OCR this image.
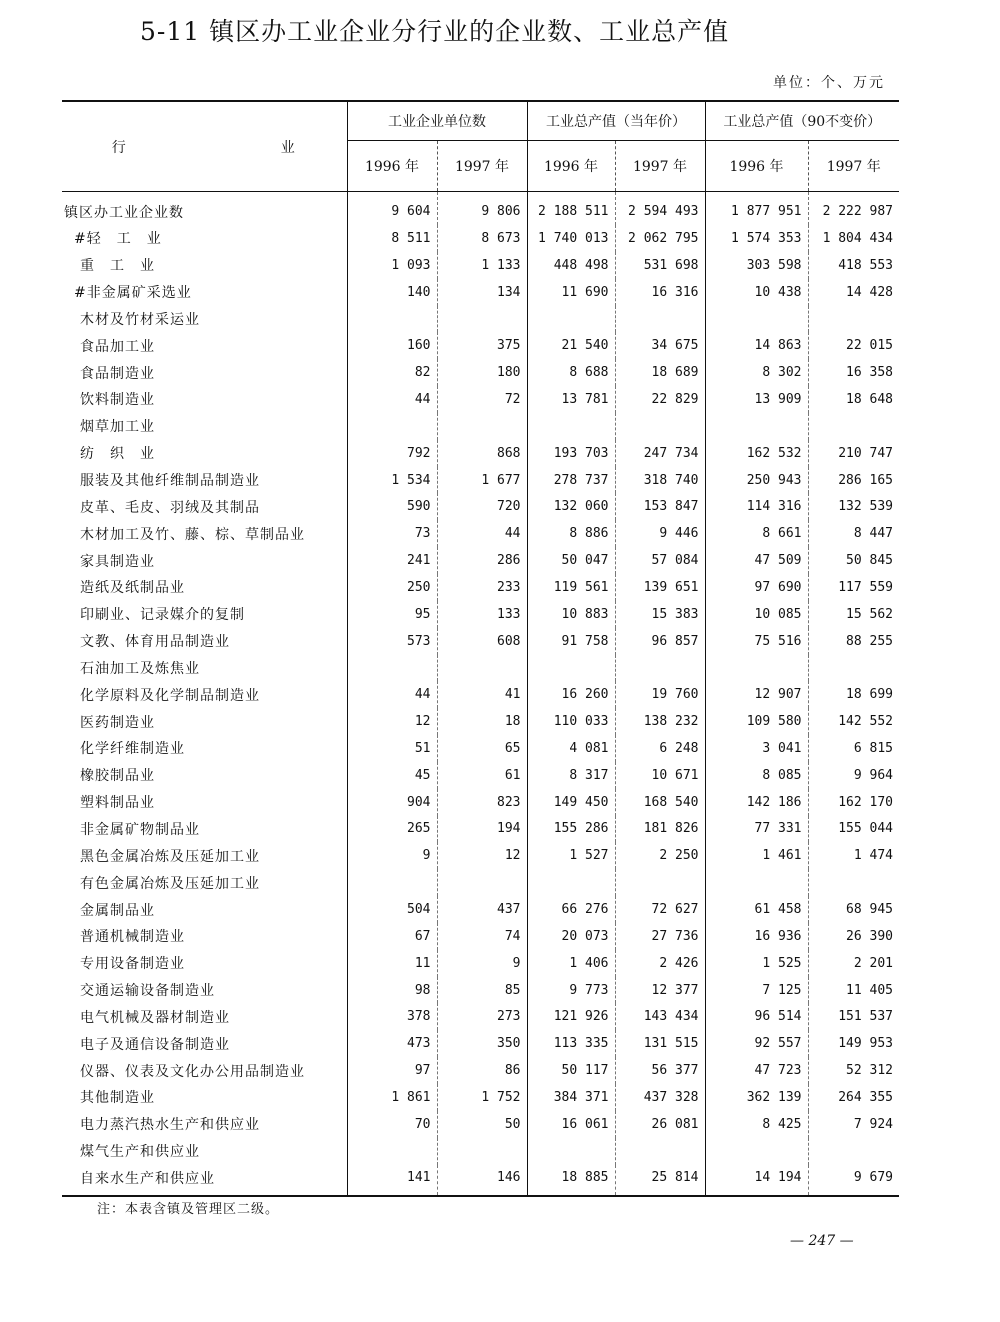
5-11 镇区办工业企业分行业的企业数、工业总产值
单位：个、万元
行 业	工业企业单位数		工业总产值（当年价）		工业总产值（90不变价）	
	1996 年	1997 年	1996 年	1997 年	1996 年	1997 年
镇区办工业企业数	9 604	9 806	2 188 511	2 594 493	1 877 951	2 222 987
#轻　工　业	8 511	8 673	1 740 013	2 062 795	1 574 353	1 804 434
重　工　业	1 093	1 133	448 498	531 698	303 598	418 553
#非金属矿采选业	140	134	11 690	16 316	10 438	14 428
木材及竹材采运业						
食品加工业	160	375	21 540	34 675	14 863	22 015
食品制造业	82	180	8 688	18 689	8 302	16 358
饮料制造业	44	72	13 781	22 829	13 909	18 648
烟草加工业						
纺　织　业	792	868	193 703	247 734	162 532	210 747
服装及其他纤维制品制造业	1 534	1 677	278 737	318 740	250 943	286 165
皮革、毛皮、羽绒及其制品	590	720	132 060	153 847	114 316	132 539
木材加工及竹、藤、棕、草制品业	73	44	8 886	9 446	8 661	8 447
家具制造业	241	286	50 047	57 084	47 509	50 845
造纸及纸制品业	250	233	119 561	139 651	97 690	117 559
印刷业、记录媒介的复制	95	133	10 883	15 383	10 085	15 562
文教、体育用品制造业	573	608	91 758	96 857	75 516	88 255
石油加工及炼焦业						
化学原料及化学制品制造业	44	41	16 260	19 760	12 907	18 699
医药制造业	12	18	110 033	138 232	109 580	142 552
化学纤维制造业	51	65	4 081	6 248	3 041	6 815
橡胶制品业	45	61	8 317	10 671	8 085	9 964
塑料制品业	904	823	149 450	168 540	142 186	162 170
非金属矿物制品业	265	194	155 286	181 826	77 331	155 044
黑色金属冶炼及压延加工业	9	12	1 527	2 250	1 461	1 474
有色金属冶炼及压延加工业						
金属制品业	504	437	66 276	72 627	61 458	68 945
普通机械制造业	67	74	20 073	27 736	16 936	26 390
专用设备制造业	11	9	1 406	2 426	1 525	2 201
交通运输设备制造业	98	85	9 773	12 377	7 125	11 405
电气机械及器材制造业	378	273	121 926	143 434	96 514	151 537
电子及通信设备制造业	473	350	113 335	131 515	92 557	149 953
仪器、仪表及文化办公用品制造业	97	86	50 117	56 377	47 723	52 312
其他制造业	1 861	1 752	384 371	437 328	362 139	264 355
电力蒸汽热水生产和供应业	70	50	16 061	26 081	8 425	7 924
煤气生产和供应业						
自来水生产和供应业	141	146	18 885	25 814	14 194	9 679
注：本表含镇及管理区二级。
— 247 —
